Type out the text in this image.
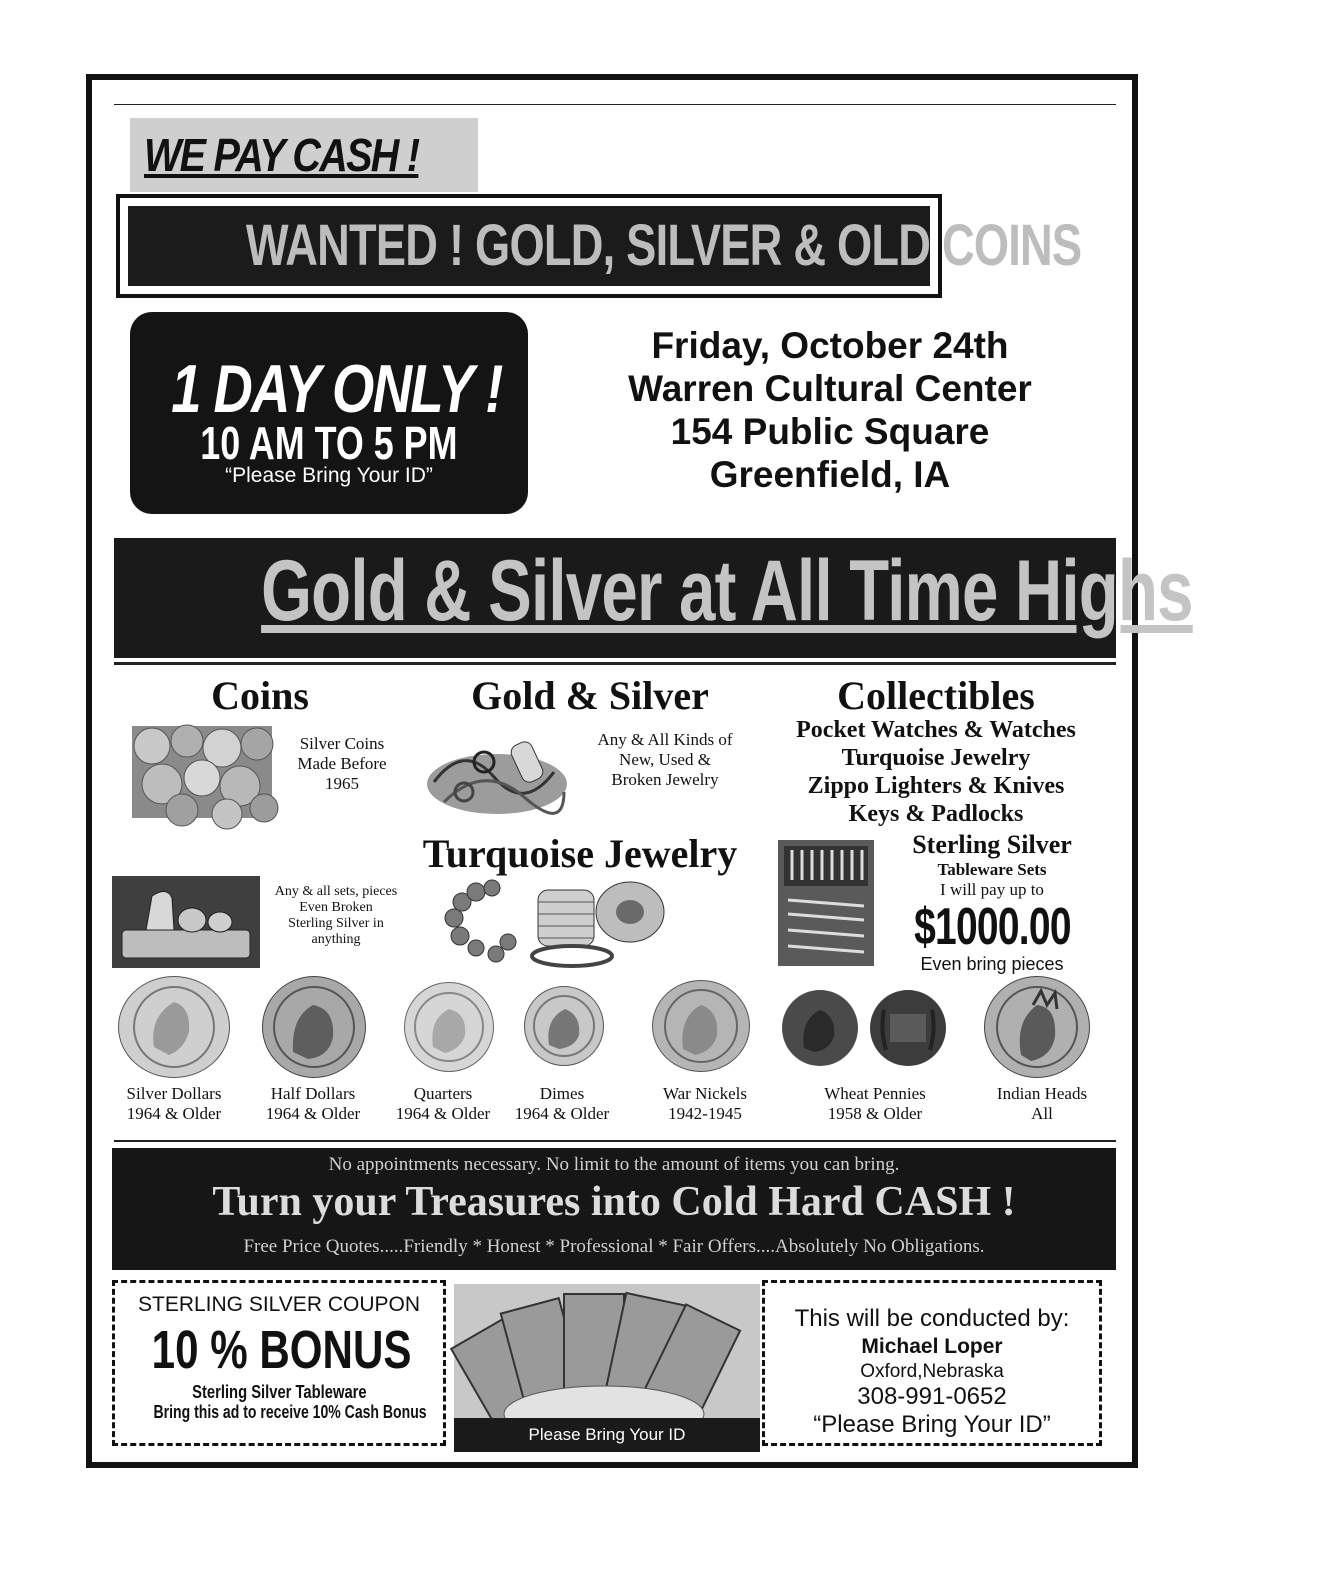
WE PAY CASH !
WANTED ! GOLD, SILVER & OLD COINS
1 DAY ONLY !
10 AM TO 5 PM
“Please Bring Your ID”
Friday, October 24th
Warren Cultural Center
154 Public Square
Greenfield, IA
Gold & Silver at All Time Highs
Coins	Gold & Silver	Collectibles
Silver Coins
Made Before
1965
Any & All Kinds of
New, Used &
Broken Jewelry
Pocket Watches & Watches
Turquoise Jewelry
Zippo Lighters & Knives
Keys & Padlocks
Turquoise Jewelry
Any & all sets, pieces
Even Broken
Sterling Silver in
anything
Sterling Silver
Tableware Sets
I will pay up to
$1000.00
Even bring pieces
Silver Dollars
1964 & Older
Half Dollars
1964 & Older
Quarters
1964 & Older
Dimes
1964 & Older
War Nickels
1942-1945
Wheat Pennies
1958 & Older
Indian Heads
All
No appointments necessary. No limit to the amount of items you can bring.
Turn your Treasures into Cold Hard CASH !
Free Price Quotes.....Friendly * Honest * Professional * Fair Offers....Absolutely No Obligations.
STERLING SILVER COUPON
10 % BONUS
Sterling Silver Tableware
Bring this ad to receive 10% Cash Bonus
Please Bring Your ID
This will be conducted by:
Michael Loper
Oxford,Nebraska
308-991-0652
“Please Bring Your ID”
